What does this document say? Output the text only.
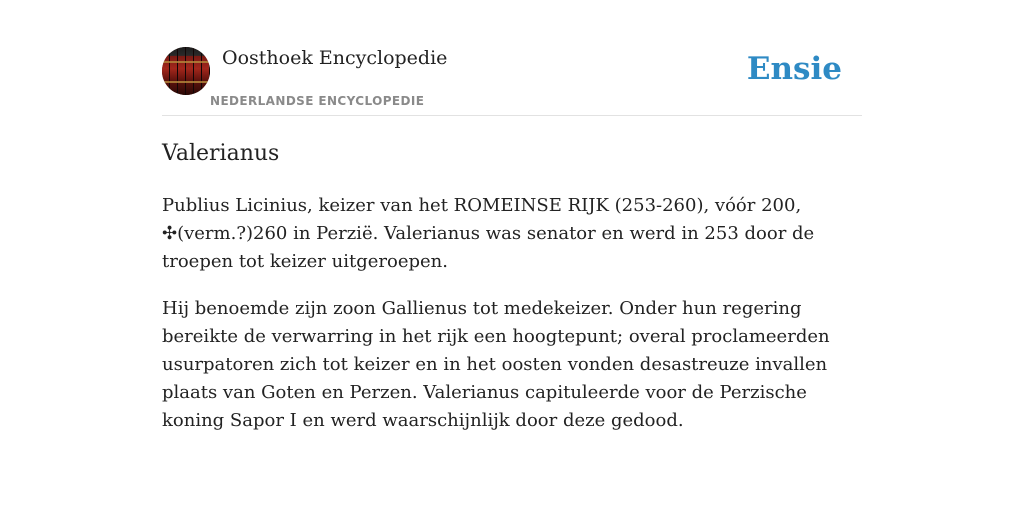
Oosthoek Encyclopedie
NEDERLANDSE ENCYCLOPEDIE
Ensie
Valerianus

Publius Licinius, keizer van het ROMEINSE RIJK (253-260), vóór 200, ✣(verm.?)260 in Perzië. Valerianus was senator en werd in 253 door de troepen tot keizer uitgeroepen.

Hij benoemde zijn zoon Gallienus tot medekeizer. Onder hun regering bereikte de verwarring in het rijk een hoogtepunt; overal proclameerden usurpatoren zich tot keizer en in het oosten vonden desastreuze invallen plaats van Goten en Perzen. Valerianus capituleerde voor de Perzische koning Sapor I en werd waarschijnlijk door deze gedood.
